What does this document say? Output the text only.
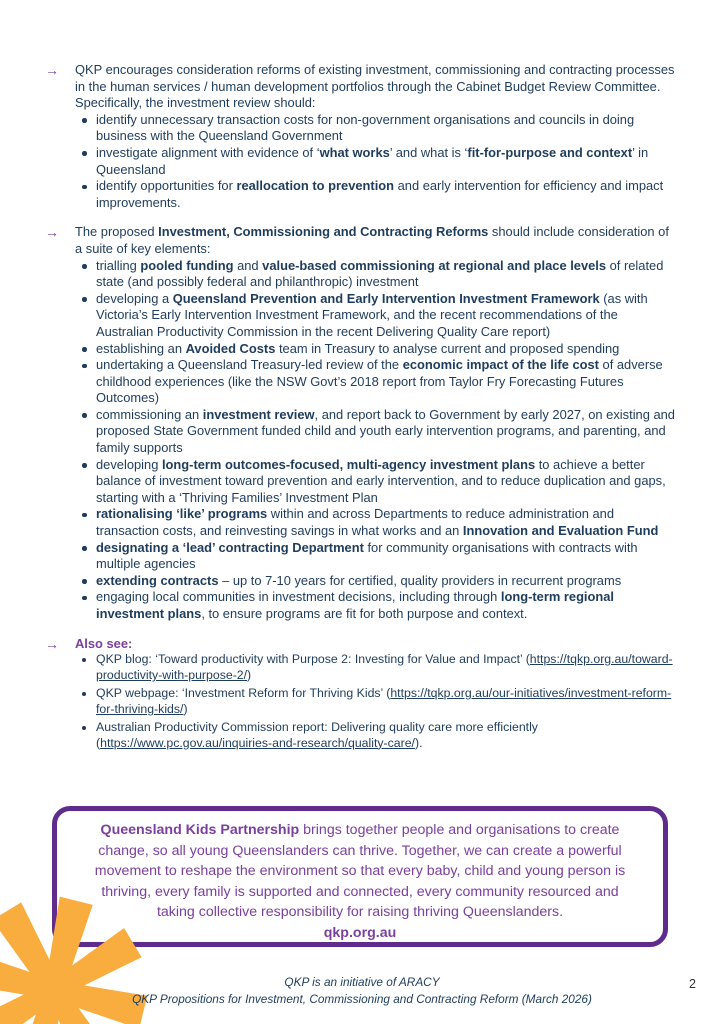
→	QKP encourages consideration reforms of existing investment, commissioning and contracting processes in the human services / human development portfolios through the Cabinet Budget Review Committee. Specifically, the investment review should:

identify unnecessary transaction costs for non-government organisations and councils in doing business with the Queensland Government
investigate alignment with evidence of ‘what works’ and what is ‘fit-for-purpose and context’ in Queensland
identify opportunities for reallocation to prevention and early intervention for efficiency and impact improvements.
→	The proposed Investment, Commissioning and Contracting Reforms should include consideration of a suite of key elements:

trialling pooled funding and value-based commissioning at regional and place levels of related state (and possibly federal and philanthropic) investment
developing a Queensland Prevention and Early Intervention Investment Framework (as with Victoria’s Early Intervention Investment Framework, and the recent recommendations of the Australian Productivity Commission in the recent Delivering Quality Care report)
establishing an Avoided Costs team in Treasury to analyse current and proposed spending
undertaking a Queensland Treasury-led review of the economic impact of the life cost of adverse childhood experiences (like the NSW Govt’s 2018 report from Taylor Fry Forecasting Futures Outcomes)
commissioning an investment review, and report back to Government by early 2027, on existing and proposed State Government funded child and youth early intervention programs, and parenting, and family supports
developing long-term outcomes-focused, multi-agency investment plans to achieve a better balance of investment toward prevention and early intervention, and to reduce duplication and gaps, starting with a ‘Thriving Families’ Investment Plan
rationalising ‘like’ programs within and across Departments to reduce administration and transaction costs, and reinvesting savings in what works and an Innovation and Evaluation Fund
designating a ‘lead’ contracting Department for community organisations with contracts with multiple agencies
extending contracts – up to 7-10 years for certified, quality providers in recurrent programs
engaging local communities in investment decisions, including through long-term regional investment plans, to ensure programs are fit for both purpose and context.
→	Also see:

QKP blog: ‘Toward productivity with Purpose 2: Investing for Value and Impact’ (https://tqkp.org.au/toward-productivity-with-purpose-2/)
QKP webpage: ‘Investment Reform for Thriving Kids’ (https://tqkp.org.au/our-initiatives/investment-reform-for-thriving-kids/)
Australian Productivity Commission report: Delivering quality care more efficiently (https://www.pc.gov.au/inquiries-and-research/quality-care/).

Queensland Kids Partnership brings together people and organisations to create change, so all young Queenslanders can thrive. Together, we can create a powerful movement to reshape the environment so that every baby, child and young person is thriving, every family is supported and connected, every community resourced and taking collective responsibility for raising thriving Queenslanders.

qkp.org.au

QKP is an initiative of ARACY
QKP Propositions for Investment, Commissioning and Contracting Reform (March 2026)
2
